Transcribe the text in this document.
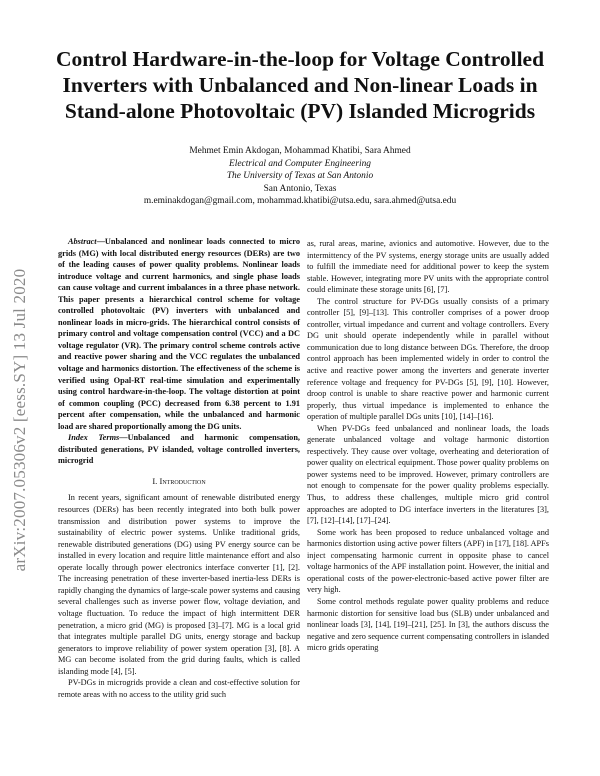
arXiv:2007.05306v2 [eess.SY] 13 Jul 2020
Control Hardware-in-the-loop for Voltage Controlled Inverters with Unbalanced and Non-linear Loads in Stand-alone Photovoltaic (PV) Islanded Microgrids
Mehmet Emin Akdogan, Mohammad Khatibi, Sara Ahmed
Electrical and Computer Engineering
The University of Texas at San Antonio
San Antonio, Texas
m.eminakdogan@gmail.com, mohammad.khatibi@utsa.edu, sara.ahmed@utsa.edu

Abstract—Unbalanced and nonlinear loads connected to micro grids (MG) with local distributed energy resources (DERs) are two of the leading causes of power quality problems. Nonlinear loads introduce voltage and current harmonics, and single phase loads can cause voltage and current imbalances in a three phase network. This paper presents a hierarchical control scheme for voltage controlled photovoltaic (PV) inverters with unbalanced and nonlinear loads in micro-grids. The hierarchical control consists of primary control and voltage compensation control (VCC) and a DC voltage regulator (VR). The primary control scheme controls active and reactive power sharing and the VCC regulates the unbalanced voltage and harmonics distortion. The effectiveness of the scheme is verified using Opal-RT real-time simulation and experimentally using control hardware-in-the-loop. The voltage distortion at point of common coupling (PCC) decreased from 6.38 percent to 1.91 percent after compensation, while the unbalanced and harmonic load are shared proportionally among the DG units.

Index Terms—Unbalanced and harmonic compensation, distributed generations, PV islanded, voltage controlled inverters, microgrid

I. Introduction

In recent years, significant amount of renewable distributed energy resources (DERs) has been recently integrated into both bulk power transmission and distribution power systems to improve the sustainability of electric power systems. Unlike traditional grids, renewable distributed generations (DG) using PV energy source can be installed in every location and require little maintenance effort and also operate locally through power electronics interface converter [1], [2]. The increasing penetration of these inverter-based inertia-less DERs is rapidly changing the dynamics of large-scale power systems and causing several challenges such as inverse power flow, voltage deviation, and voltage fluctuation. To reduce the impact of high intermittent DER penetration, a micro grid (MG) is proposed [3]–[7]. MG is a local grid that integrates multiple parallel DG units, energy storage and backup generators to improve reliability of power system operation [3], [8]. A MG can become isolated from the grid during faults, which is called islanding mode [4], [5].

PV-DGs in microgrids provide a clean and cost-effective solution for remote areas with no access to the utility grid such

as, rural areas, marine, avionics and automotive. However, due to the intermittency of the PV systems, energy storage units are usually added to fulfill the immediate need for additional power to keep the system stable. However, integrating more PV units with the appropriate control could eliminate these storage units [6], [7].

The control structure for PV-DGs usually consists of a primary controller [5], [9]–[13]. This controller comprises of a power droop controller, virtual impedance and current and voltage controllers. Every DG unit should operate independently while in parallel without communication due to long distance between DGs. Therefore, the droop control approach has been implemented widely in order to control the active and reactive power among the inverters and generate inverter reference voltage and frequency for PV-DGs [5], [9], [10]. However, droop control is unable to share reactive power and harmonic current properly, thus virtual impedance is implemented to enhance the operation of multiple parallel DGs units [10], [14]–[16].

When PV-DGs feed unbalanced and nonlinear loads, the loads generate unbalanced voltage and voltage harmonic distortion respectively. They cause over voltage, overheating and deterioration of power quality on electrical equipment. Those power quality problems on power systems need to be improved. However, primary controllers are not enough to compensate for the power quality problems especially. Thus, to address these challenges, multiple micro grid control approaches are adopted to DG interface inverters in the literatures [3], [7], [12]–[14], [17]–[24].

Some work has been proposed to reduce unbalanced voltage and harmonics distortion using active power filters (APF) in [17], [18]. APFs inject compensating harmonic current in opposite phase to cancel voltage harmonics of the APF installation point. However, the initial and operational costs of the power-electronic-based active power filter are very high.

Some control methods regulate power quality problems and reduce harmonic distortion for sensitive load bus (SLB) under unbalanced and nonlinear loads [3], [14], [19]–[21], [25]. In [3], the authors discuss the negative and zero sequence current compensating controllers in islanded micro grids operating
